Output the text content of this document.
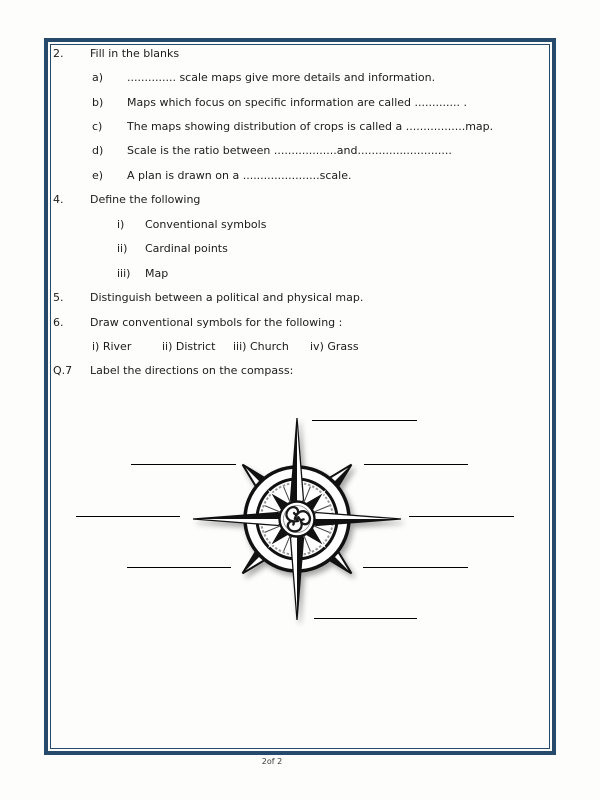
2.	Fill in the blanks
a)	.............. scale maps give more details and information.
b)	Maps which focus on specific information are called ............. .
c)	The maps showing distribution of crops is called a .................map.
d)	Scale is the ratio between ..................and...........................
e)	A plan is drawn on a ......................scale.
4.	Define the following
i)	Conventional symbols
ii)	Cardinal points
iii)	Map
5.	Distinguish between a political and physical map.
6.	Draw conventional symbols for the following :
i) River	ii) District	iii) Church	iv) Grass
Q.7	Label the directions on the compass:
2of 2
